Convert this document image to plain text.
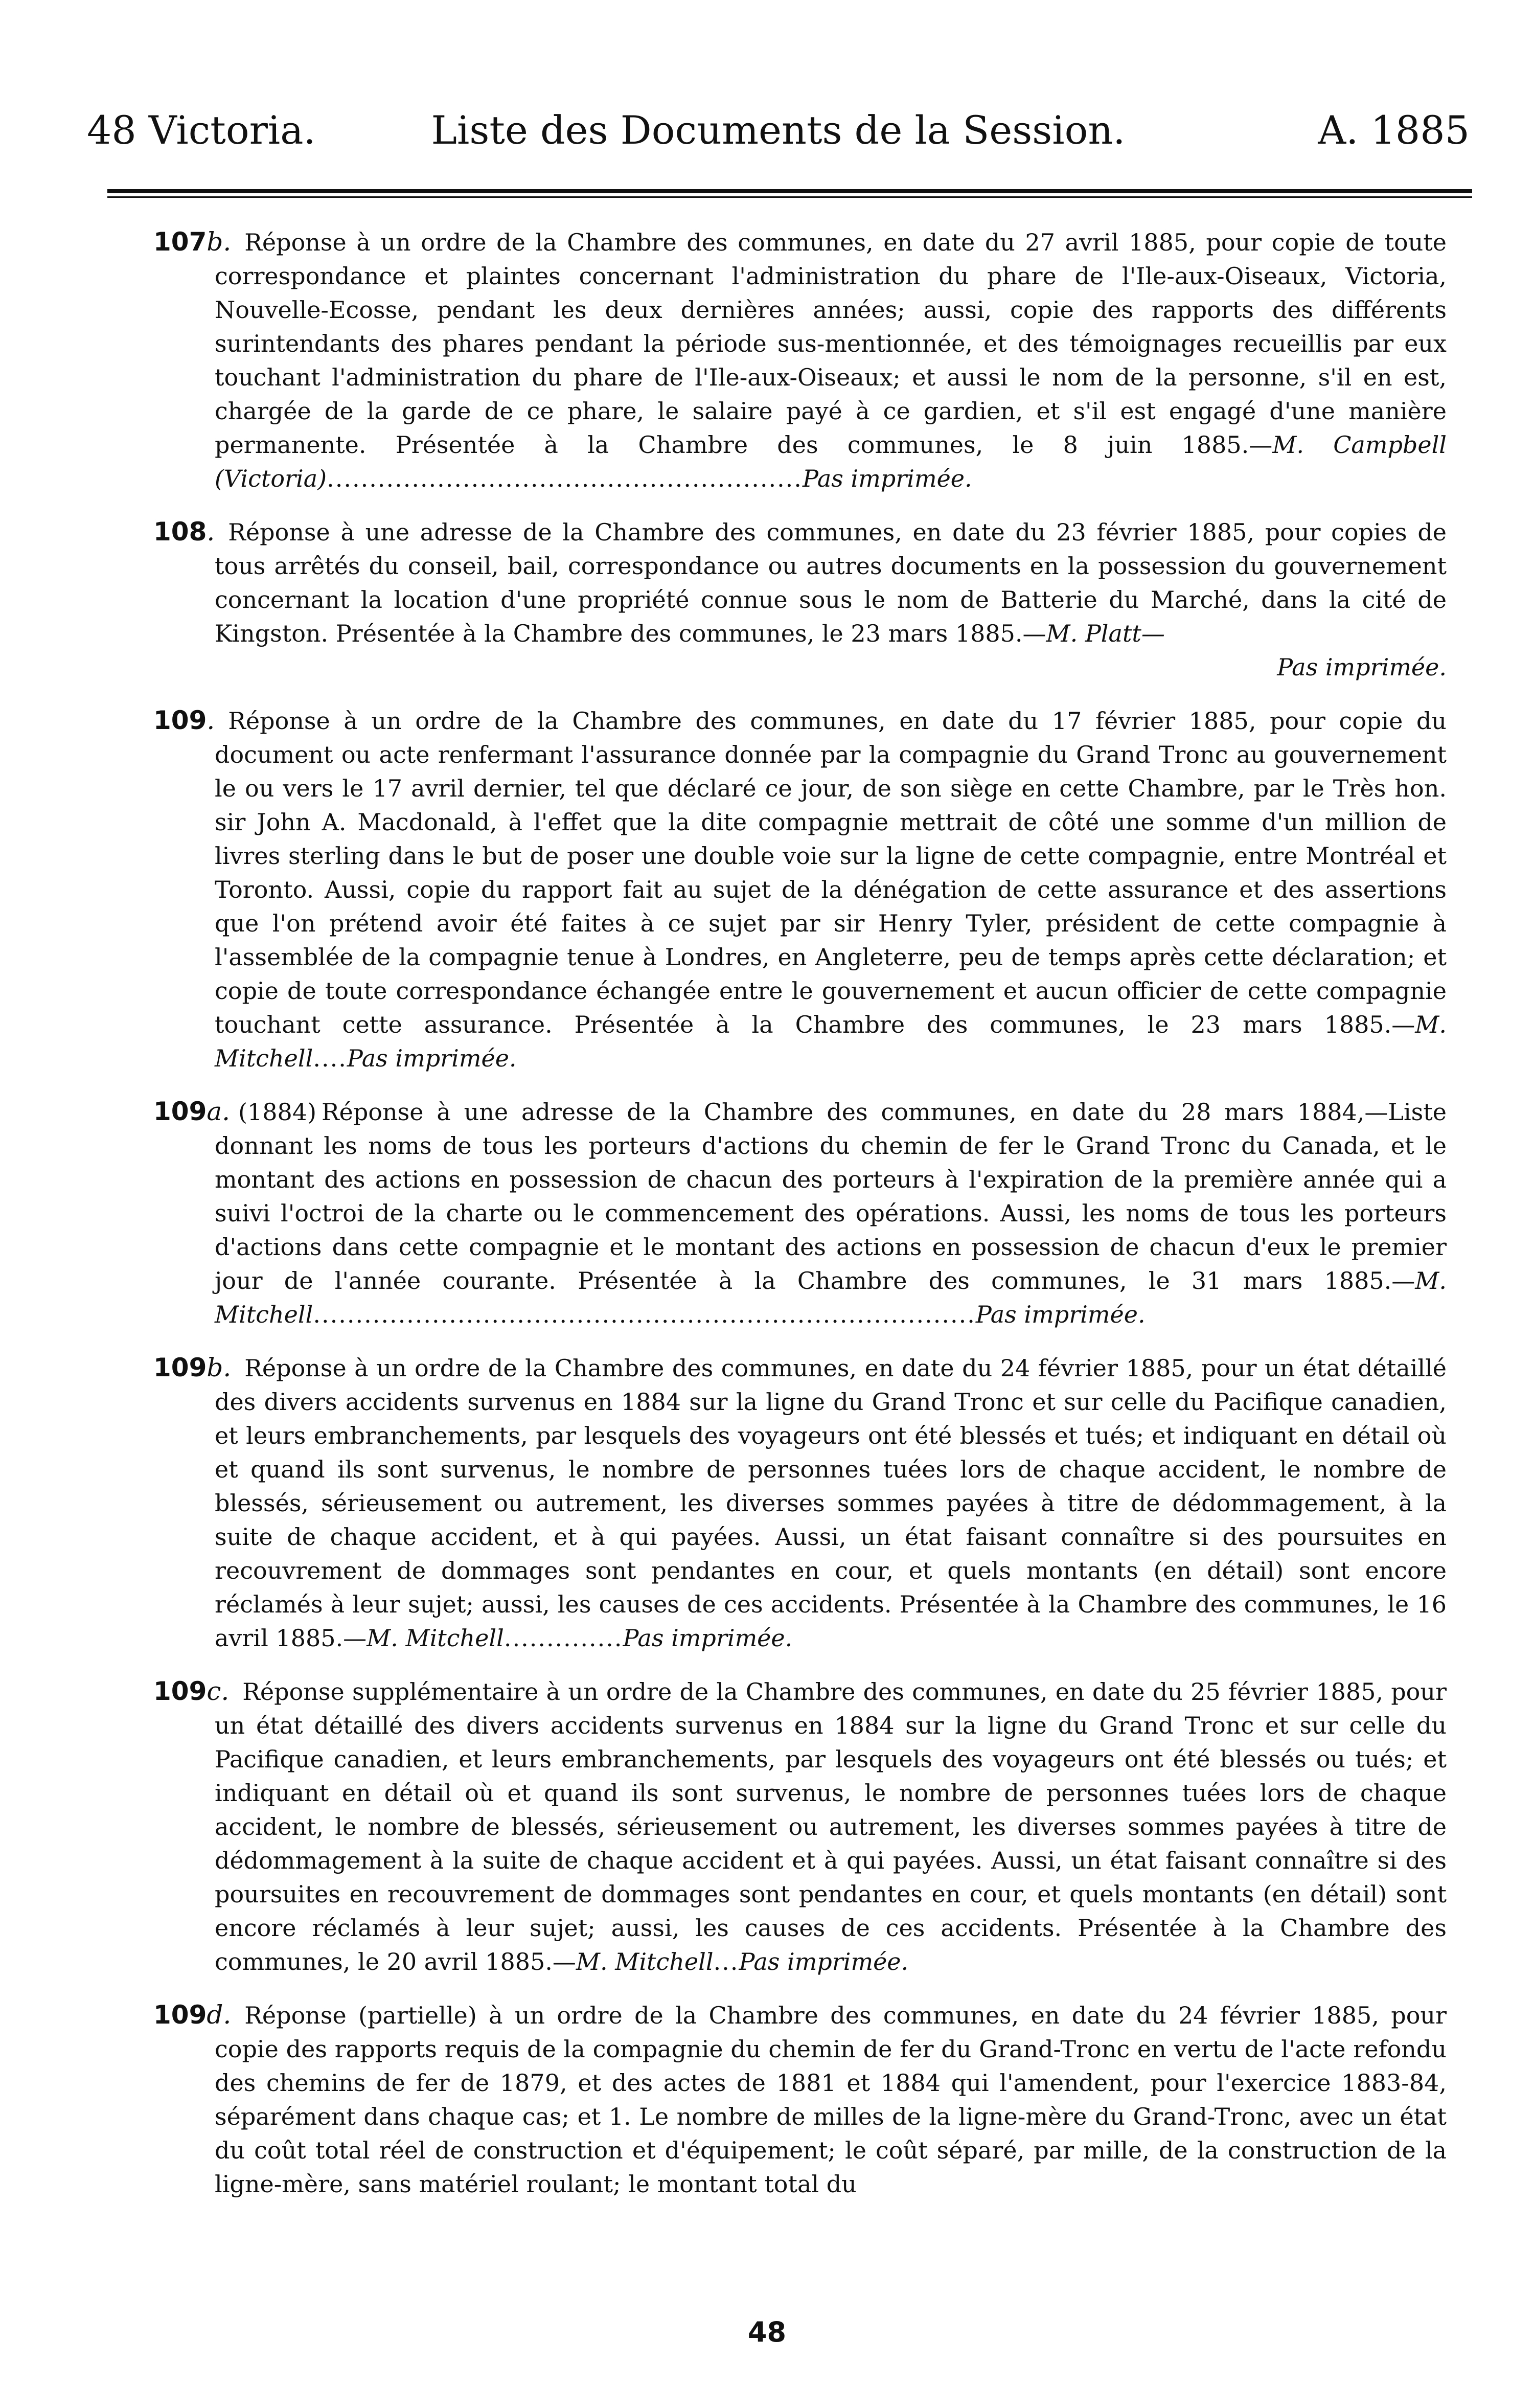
48 Victoria.	Liste des Documents de la Session.	A. 1885

107b. Réponse à un ordre de la Chambre des communes, en date du 27 avril 1885, pour copie de toute correspondance et plaintes concernant l'administration du phare de l'Ile-aux-Oiseaux, Victoria, Nouvelle-Ecosse, pendant les deux dernières années; aussi, copie des rapports des différents surintendants des phares pendant la période sus-mentionnée, et des témoignages recueillis par eux touchant l'administration du phare de l'Ile-aux-Oiseaux; et aussi le nom de la personne, s'il en est, chargée de la garde de ce phare, le salaire payé à ce gardien, et s'il est engagé d'une manière permanente. Présentée à la Chambre des communes, le 8 juin 1885.—M. Campbell (Victoria)........................................................Pas imprimée.

108. Réponse à une adresse de la Chambre des communes, en date du 23 février 1885, pour copies de tous arrêtés du conseil, bail, correspondance ou autres documents en la possession du gouvernement concernant la location d'une propriété connue sous le nom de Batterie du Marché, dans la cité de Kingston. Présentée à la Chambre des communes, le 23 mars 1885.—M. Platt—
Pas imprimée.

109. Réponse à un ordre de la Chambre des communes, en date du 17 février 1885, pour copie du document ou acte renfermant l'assurance donnée par la compagnie du Grand Tronc au gouvernement le ou vers le 17 avril dernier, tel que déclaré ce jour, de son siège en cette Chambre, par le Très hon. sir John A. Macdonald, à l'effet que la dite compagnie mettrait de côté une somme d'un million de livres sterling dans le but de poser une double voie sur la ligne de cette compagnie, entre Montréal et Toronto. Aussi, copie du rapport fait au sujet de la dénégation de cette assurance et des assertions que l'on prétend avoir été faites à ce sujet par sir Henry Tyler, président de cette compagnie à l'assemblée de la compagnie tenue à Londres, en Angleterre, peu de temps après cette déclaration; et copie de toute correspondance échangée entre le gouvernement et aucun officier de cette compagnie touchant cette assurance. Présentée à la Chambre des communes, le 23 mars 1885.—M. Mitchell....Pas imprimée.

109a. (1884) Réponse à une adresse de la Chambre des communes, en date du 28 mars 1884,—Liste donnant les noms de tous les porteurs d'actions du chemin de fer le Grand Tronc du Canada, et le montant des actions en possession de chacun des porteurs à l'expiration de la première année qui a suivi l'octroi de la charte ou le commencement des opérations. Aussi, les noms de tous les porteurs d'actions dans cette compagnie et le montant des actions en possession de chacun d'eux le premier jour de l'année courante. Présentée à la Chambre des communes, le 31 mars 1885.—M. Mitchell..............................................................................Pas imprimée.

109b. Réponse à un ordre de la Chambre des communes, en date du 24 février 1885, pour un état détaillé des divers accidents survenus en 1884 sur la ligne du Grand Tronc et sur celle du Pacifique canadien, et leurs embranchements, par lesquels des voyageurs ont été blessés et tués; et indiquant en détail où et quand ils sont survenus, le nombre de personnes tuées lors de chaque accident, le nombre de blessés, sérieusement ou autrement, les diverses sommes payées à titre de dédommagement, à la suite de chaque accident, et à qui payées. Aussi, un état faisant connaître si des poursuites en recouvrement de dommages sont pendantes en cour, et quels montants (en détail) sont encore réclamés à leur sujet; aussi, les causes de ces accidents. Présentée à la Chambre des communes, le 16 avril 1885.—M. Mitchell..............Pas imprimée.

109c. Réponse supplémentaire à un ordre de la Chambre des communes, en date du 25 février 1885, pour un état détaillé des divers accidents survenus en 1884 sur la ligne du Grand Tronc et sur celle du Pacifique canadien, et leurs embranchements, par lesquels des voyageurs ont été blessés ou tués; et indiquant en détail où et quand ils sont survenus, le nombre de personnes tuées lors de chaque accident, le nombre de blessés, sérieusement ou autrement, les diverses sommes payées à titre de dédommagement à la suite de chaque accident et à qui payées. Aussi, un état faisant connaître si des poursuites en recouvrement de dommages sont pendantes en cour, et quels montants (en détail) sont encore réclamés à leur sujet; aussi, les causes de ces accidents. Présentée à la Chambre des communes, le 20 avril 1885.—M. Mitchell...Pas imprimée.

109d. Réponse (partielle) à un ordre de la Chambre des communes, en date du 24 février 1885, pour copie des rapports requis de la compagnie du chemin de fer du Grand-Tronc en vertu de l'acte refondu des chemins de fer de 1879, et des actes de 1881 et 1884 qui l'amendent, pour l'exercice 1883-84, séparément dans chaque cas; et 1. Le nombre de milles de la ligne-mère du Grand-Tronc, avec un état du coût total réel de construction et d'équipement; le coût séparé, par mille, de la construction de la ligne-mère, sans matériel roulant; le montant total du

48
